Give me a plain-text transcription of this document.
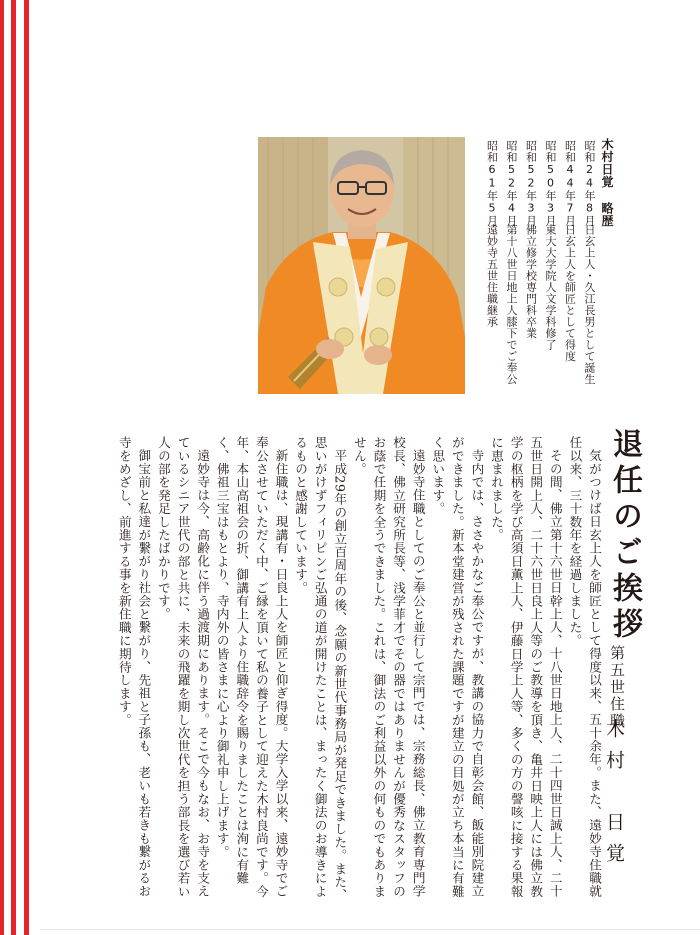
木村日覚略歴
昭和24年8月
日玄上人・久江長男として誕生
昭和44年7月
日玄上人を師匠として得度
昭和50年3月
東大大学院人文学科修了
昭和52年3月
佛立修学校専門科卒業
昭和52年4月
第十八世日地上人膝下でご奉公
昭和61年5月
遠妙寺五世住職継承
退任のご挨拶
第五世住職
木村　日覚

気がつけば日玄上人を師匠として得度以来、五十余年。また、遠妙寺住職就任以来、三十数年を経過しました。

その間、佛立第十六世日幹上人、十八世日地上人、二十四世日誠上人、二十五世日開上人、二十六世日良上人等のご教導を頂き、亀井日映上人には佛立教学の枢柄を学び高須日薫上人、伊藤日学上人等、多くの方の謦咳に接する果報に恵まれました。

寺内では、ささやかなご奉公ですが、教講の協力で自彰会館、飯能別院建立ができました。新本堂建営が残された課題ですが建立の目処が立ち本当に有難く思います。

遠妙寺住職としてのご奉公と並行して宗門では、宗務総長、佛立教育専門学校長、佛立研究所長等、浅学菲才でその器ではありませんが優秀なスタッフのお蔭で任期を全うできました。これは、御法のご利益以外の何ものでもありません。

平成29年の創立百周年の後、念願の新世代事務局が発足できました。また、思いがけずフィリピンご弘通の道が開けたことは、まったく御法のお導きによるものと感謝しています。

新住職は、現講有・日良上人を師匠と仰ぎ得度。大学入学以来、遠妙寺でご奉公させていただく中、ご縁を頂いて私の養子として迎えた木村良尚です。今年、本山高祖会の折、御講有上人より住職辞令を賜りましたことは洵に有難く、佛祖三宝はもとより、寺内外の皆さまに心より御礼申し上げます。

遠妙寺は今、高齢化に伴う過渡期にあります。そこで今もなお、お寺を支えているシニア世代の部と共に、未来の飛躍を期し次世代を担う部長を選び若い人の部を発足したばかりです。

御宝前と私達が繋がり社会と繋がり、先祖と子孫も、老いも若きも繋がるお寺をめざし、前進する事を新住職に期待します。
